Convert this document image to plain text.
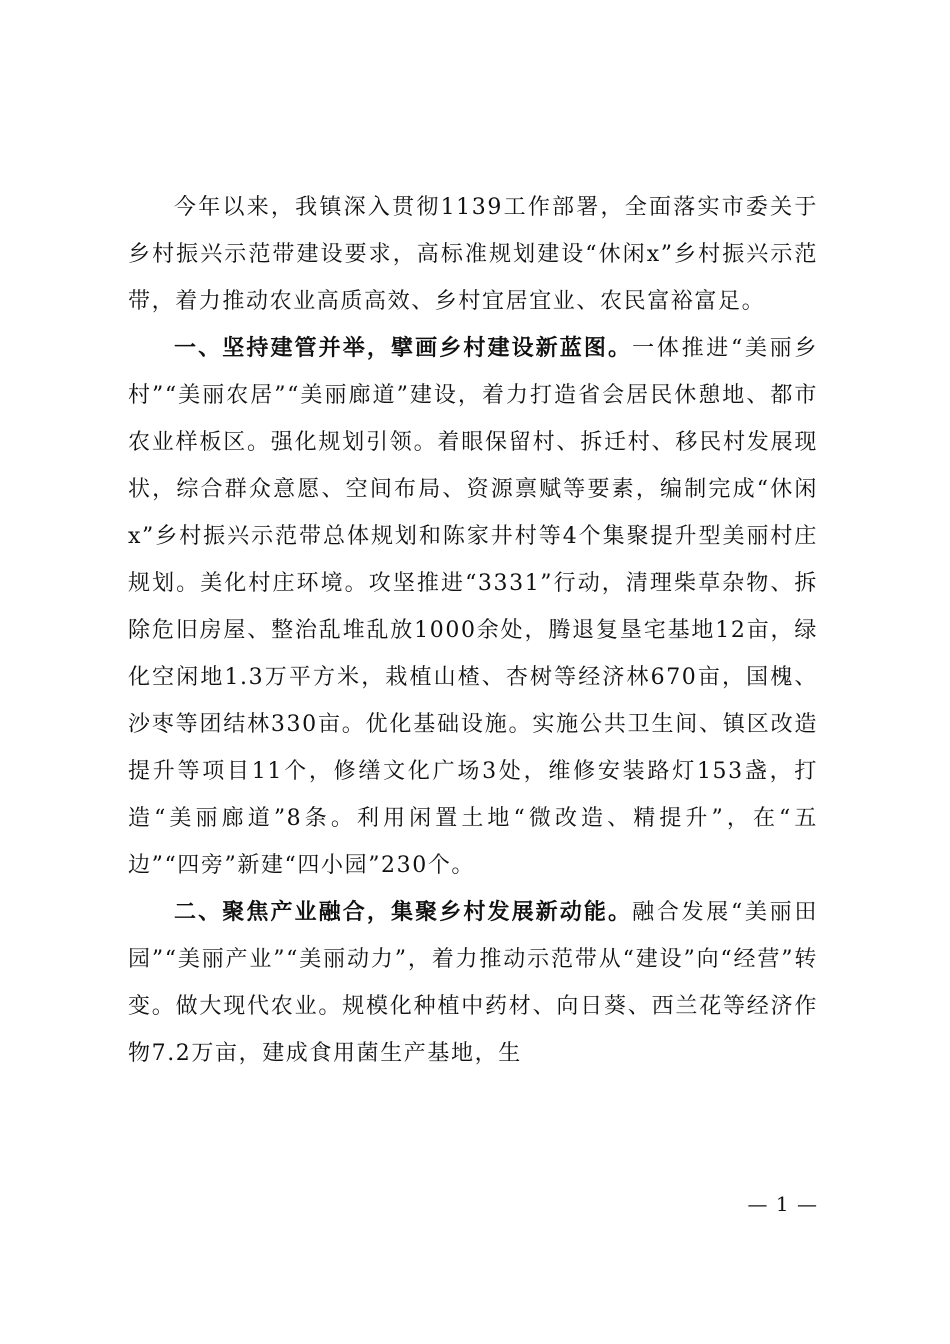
今年以来，我镇深入贯彻1139工作部署，全面落实市委关于乡村振兴示范带建设要求，高标准规划建设“休闲x”乡村振兴示范带，着力推动农业高质高效、乡村宜居宜业、农民富裕富足。

一、坚持建管并举，擘画乡村建设新蓝图。一体推进“美丽乡村”“美丽农居”“美丽廊道”建设，着力打造省会居民休憩地、都市农业样板区。强化规划引领。着眼保留村、拆迁村、移民村发展现状，综合群众意愿、空间布局、资源禀赋等要素，编制完成“休闲x”乡村振兴示范带总体规划和陈家井村等4个集聚提升型美丽村庄规划。美化村庄环境。攻坚推进“3331”行动，清理柴草杂物、拆除危旧房屋、整治乱堆乱放1000余处，腾退复垦宅基地12亩，绿化空闲地1.3万平方米，栽植山楂、杏树等经济林670亩，国槐、沙枣等团结林330亩。优化基础设施。实施公共卫生间、镇区改造提升等项目11个，修缮文化广场3处，维修安装路灯153盏，打造“美丽廊道”8条。利用闲置土地“微改造、精提升”，在“五边”“四旁”新建“四小园”230个。

二、聚焦产业融合，集聚乡村发展新动能。融合发展“美丽田园”“美丽产业”“美丽动力”，着力推动示范带从“建设”向“经营”转变。做大现代农业。规模化种植中药材、向日葵、西兰花等经济作物7.2万亩，建成食用菌生产基地，生

— 1 —
